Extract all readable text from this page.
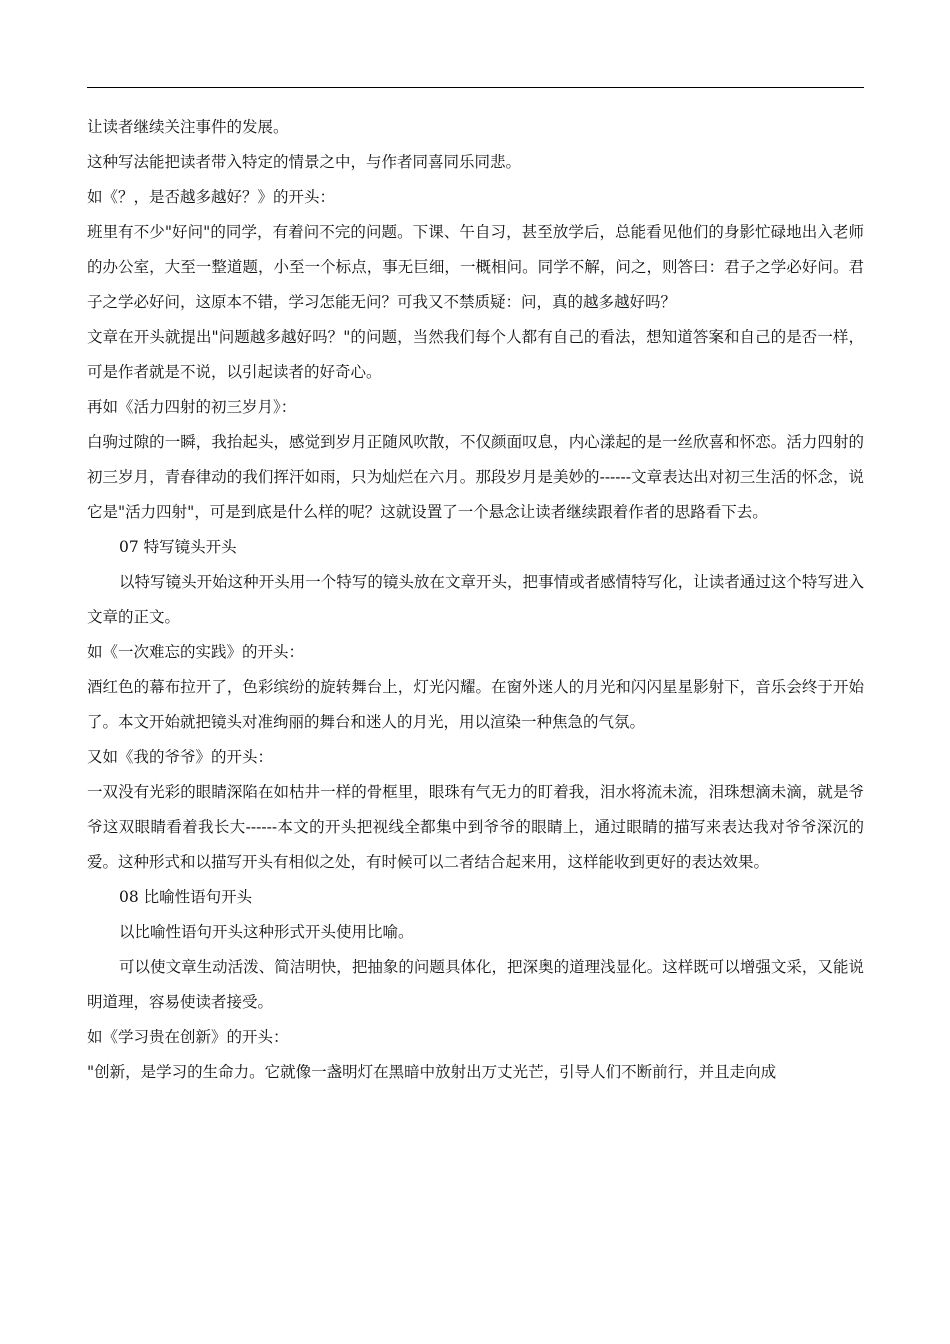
让读者继续关注事件的发展。

这种写法能把读者带入特定的情景之中，与作者同喜同乐同悲。

如《？，是否越多越好？》的开头：

班里有不少"好问"的同学，有着问不完的问题。下课、午自习，甚至放学后，总能看见他们的身影忙碌地出入老师的办公室，大至一整道题，小至一个标点，事无巨细，一概相问。同学不解，问之，则答曰：君子之学必好问。君子之学必好问，这原本不错，学习怎能无问？可我又不禁质疑：问，真的越多越好吗？

文章在开头就提出"问题越多越好吗？"的问题，当然我们每个人都有自己的看法，想知道答案和自己的是否一样，可是作者就是不说，以引起读者的好奇心。

再如《活力四射的初三岁月》：

白驹过隙的一瞬，我抬起头，感觉到岁月正随风吹散，不仅颜面叹息，内心漾起的是一丝欣喜和怀恋。活力四射的初三岁月，青春律动的我们挥汗如雨，只为灿烂在六月。那段岁月是美妙的------文章表达出对初三生活的怀念，说它是"活力四射"，可是到底是什么样的呢？这就设置了一个悬念让读者继续跟着作者的思路看下去。

07 特写镜头开头

以特写镜头开始这种开头用一个特写的镜头放在文章开头，把事情或者感情特写化，让读者通过这个特写进入文章的正文。

如《一次难忘的实践》的开头：

酒红色的幕布拉开了，色彩缤纷的旋转舞台上，灯光闪耀。在窗外迷人的月光和闪闪星星影射下，音乐会终于开始了。本文开始就把镜头对准绚丽的舞台和迷人的月光，用以渲染一种焦急的气氛。

又如《我的爷爷》的开头：

一双没有光彩的眼睛深陷在如枯井一样的骨框里，眼珠有气无力的盯着我，泪水将流未流，泪珠想滴未滴，就是爷爷这双眼睛看着我长大------本文的开头把视线全都集中到爷爷的眼睛上，通过眼睛的描写来表达我对爷爷深沉的爱。这种形式和以描写开头有相似之处，有时候可以二者结合起来用，这样能收到更好的表达效果。

08 比喻性语句开头

以比喻性语句开头这种形式开头使用比喻。

可以使文章生动活泼、简洁明快，把抽象的问题具体化，把深奥的道理浅显化。这样既可以增强文采，又能说明道理，容易使读者接受。

如《学习贵在创新》的开头：

"创新，是学习的生命力。它就像一盏明灯在黑暗中放射出万丈光芒，引导人们不断前行，并且走向成
